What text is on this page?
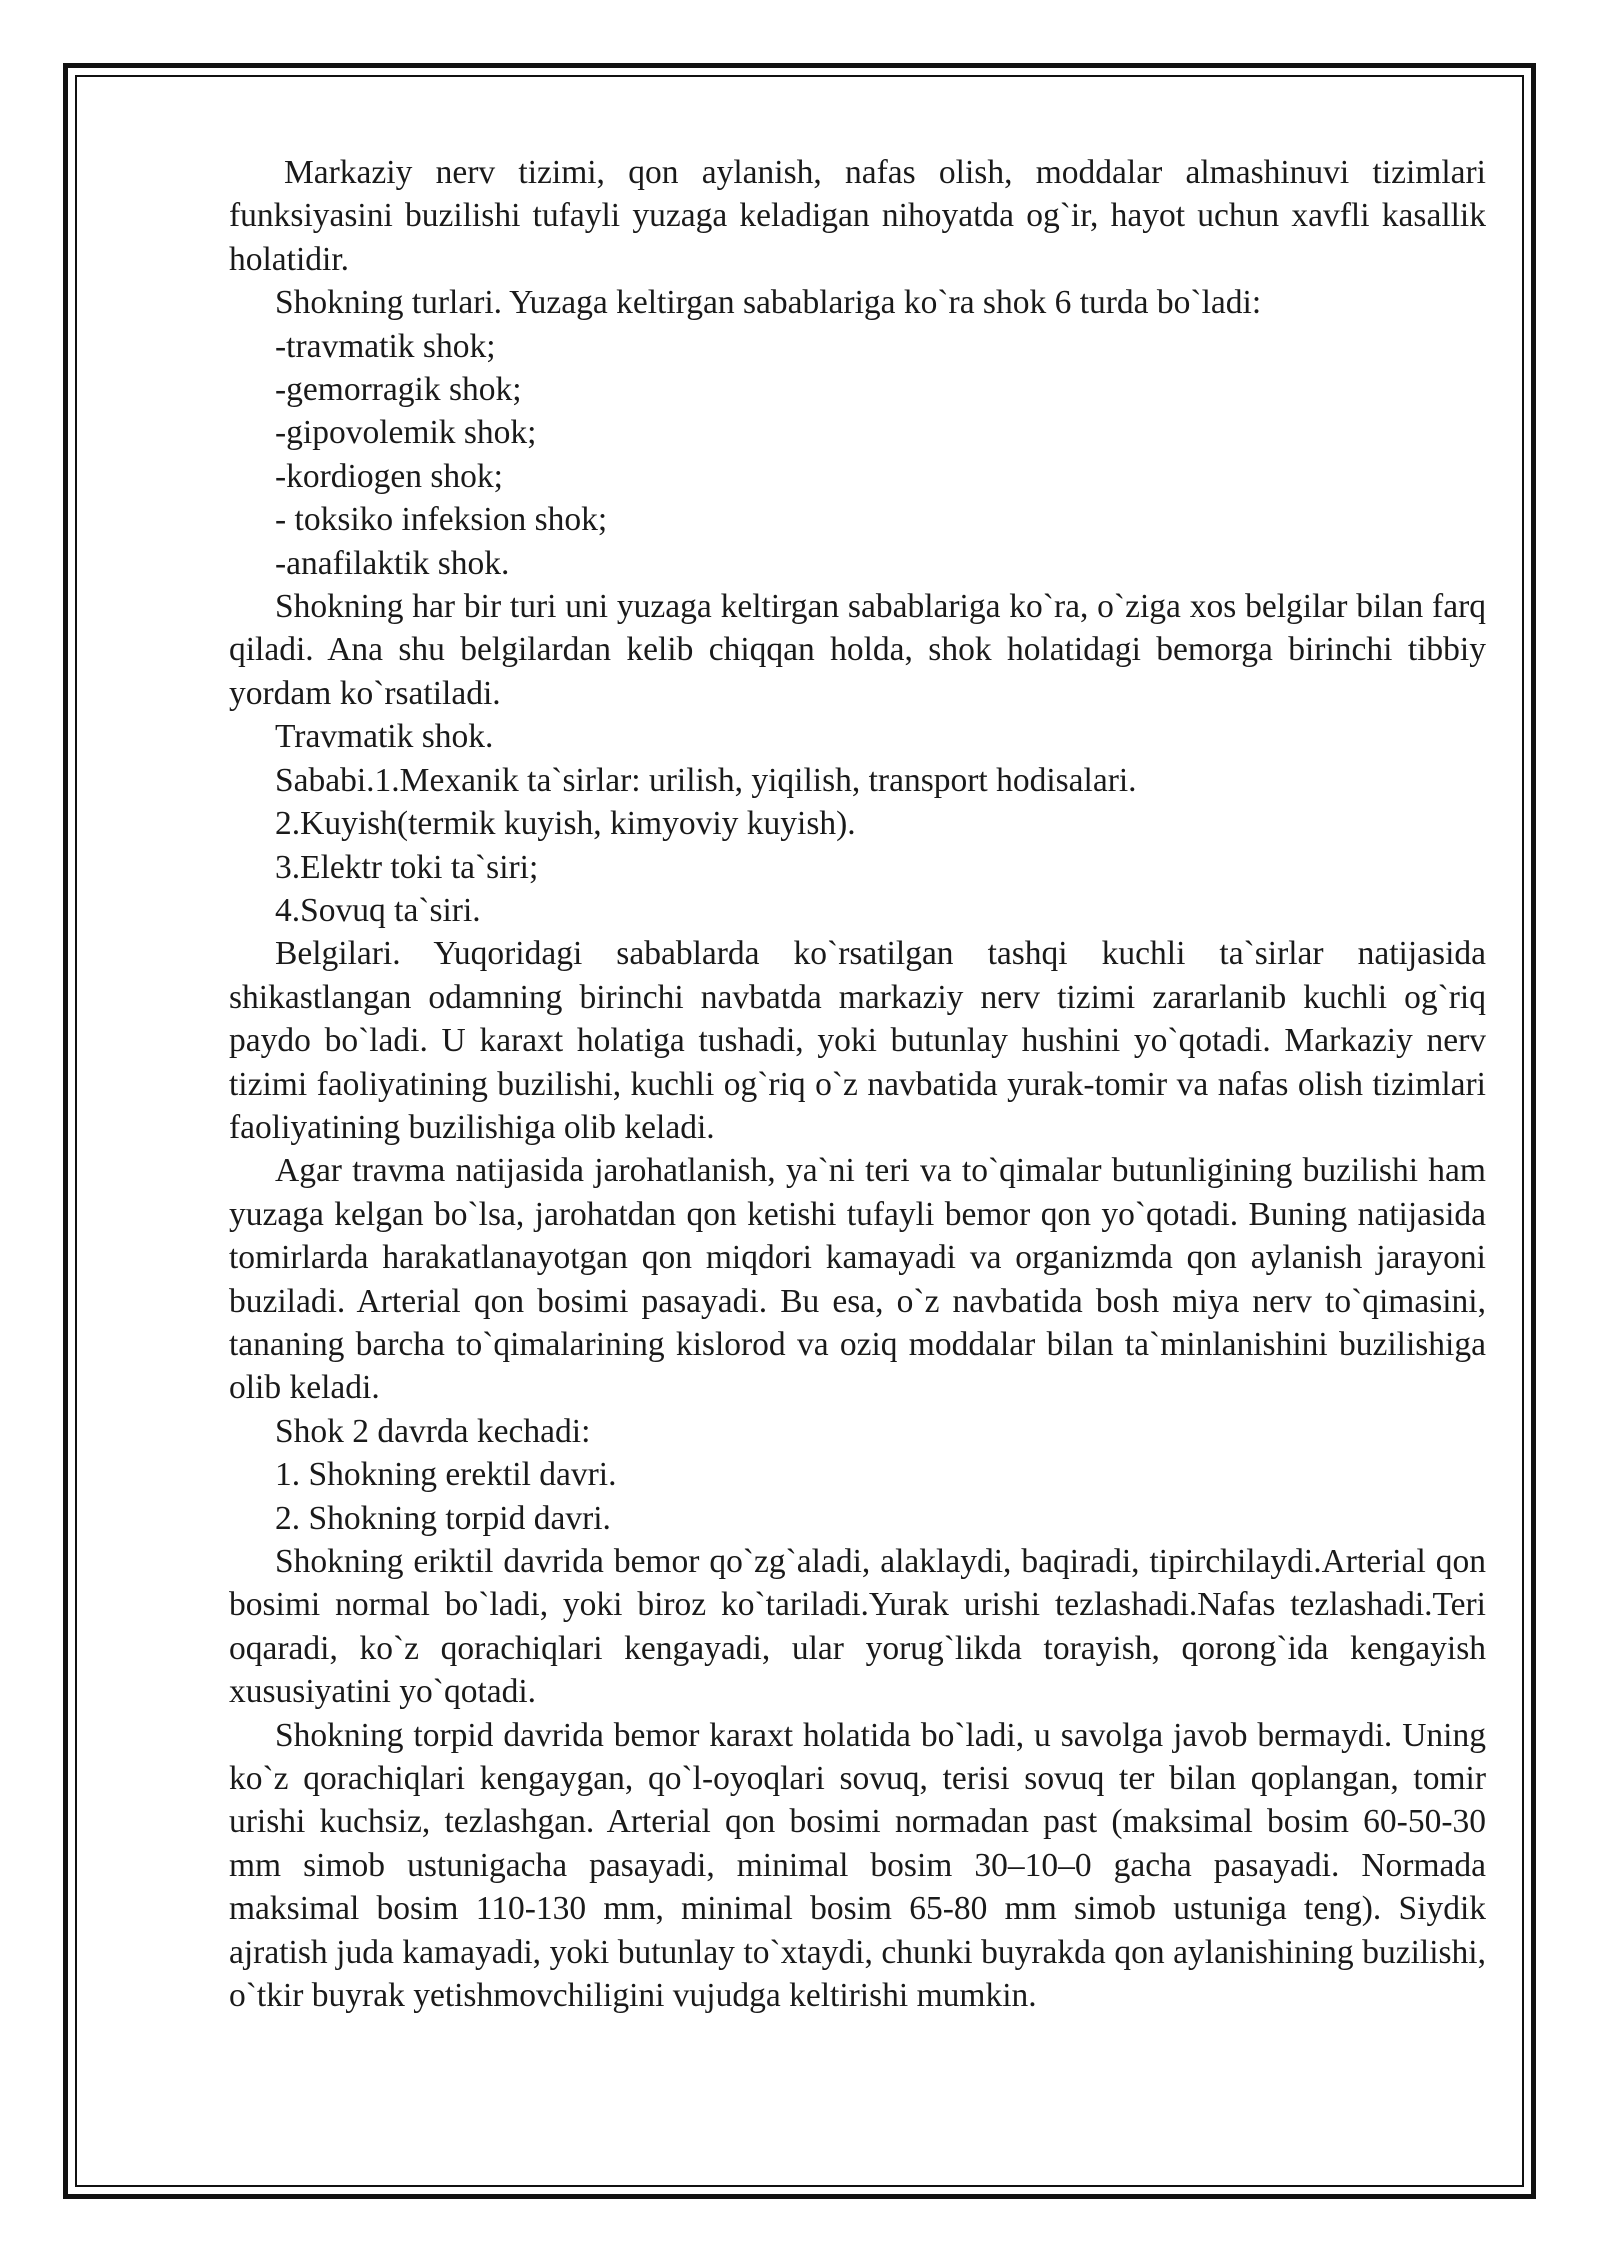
Markaziy nerv tizimi, qon aylanish, nafas olish, moddalar almashinuvi tizimlari funksiyasini buzilishi tufayli yuzaga keladigan nihoyatda og`ir, hayot uchun xavfli kasallik holatidir.

Shokning turlari. Yuzaga keltirgan sabablariga ko`ra shok 6 turda bo`ladi:

-travmatik shok;

-gemorragik shok;

-gipovolemik shok;

-kordiogen shok;

- toksiko infeksion shok;

-anafilaktik shok.

Shokning har bir turi uni yuzaga keltirgan sabablariga ko`ra, o`ziga xos belgilar bilan farq qiladi. Ana shu belgilardan kelib chiqqan holda, shok holatidagi bemorga birinchi tibbiy yordam ko`rsatiladi.

Travmatik shok.

Sababi.1.Mexanik ta`sirlar: urilish, yiqilish, transport hodisalari.

2.Kuyish(termik kuyish, kimyoviy kuyish).

3.Elektr toki ta`siri;

4.Sovuq ta`siri.

Belgilari. Yuqoridagi sabablarda ko`rsatilgan tashqi kuchli ta`sirlar natijasida shikastlangan odamning birinchi navbatda markaziy nerv tizimi zararlanib kuchli og`riq paydo bo`ladi. U karaxt holatiga tushadi, yoki butunlay hushini yo`qotadi. Markaziy nerv tizimi faoliyatining buzilishi, kuchli og`riq o`z navbatida yurak-tomir va nafas olish tizimlari faoliyatining buzilishiga olib keladi.

Agar travma natijasida jarohatlanish, ya`ni teri va to`qimalar butunligining buzilishi ham yuzaga kelgan bo`lsa, jarohatdan qon ketishi tufayli bemor qon yo`qotadi. Buning natijasida tomirlarda harakatlanayotgan qon miqdori kamayadi va organizmda qon aylanish jarayoni buziladi. Arterial qon bosimi pasayadi. Bu esa, o`z navbatida bosh miya nerv to`qimasini, tananing barcha to`qimalarining kislorod va oziq moddalar bilan ta`minlanishini buzilishiga olib keladi.

Shok 2 davrda kechadi:

1. Shokning erektil davri.

2. Shokning torpid davri.

Shokning eriktil davrida bemor qo`zg`aladi, alaklaydi, baqiradi, tipirchilaydi.Arterial qon bosimi normal bo`ladi, yoki biroz ko`tariladi.Yurak urishi tezlashadi.Nafas tezlashadi.Teri oqaradi, ko`z qorachiqlari kengayadi, ular yorug`likda torayish, qorong`ida kengayish xususiyatini yo`qotadi.

Shokning torpid davrida bemor karaxt holatida bo`ladi, u savolga javob bermaydi. Uning ko`z qorachiqlari kengaygan, qo`l-oyoqlari sovuq, terisi sovuq ter bilan qoplangan, tomir urishi kuchsiz, tezlashgan. Arterial qon bosimi normadan past (maksimal bosim 60-50-30 mm simob ustunigacha pasayadi, minimal bosim 30–10–0 gacha pasayadi. Normada maksimal bosim 110-130 mm, minimal bosim 65-80 mm simob ustuniga teng). Siydik ajratish juda kamayadi, yoki butunlay to`xtaydi, chunki buyrakda qon aylanishining buzilishi, o`tkir buyrak yetishmovchiligini vujudga keltirishi mumkin.
